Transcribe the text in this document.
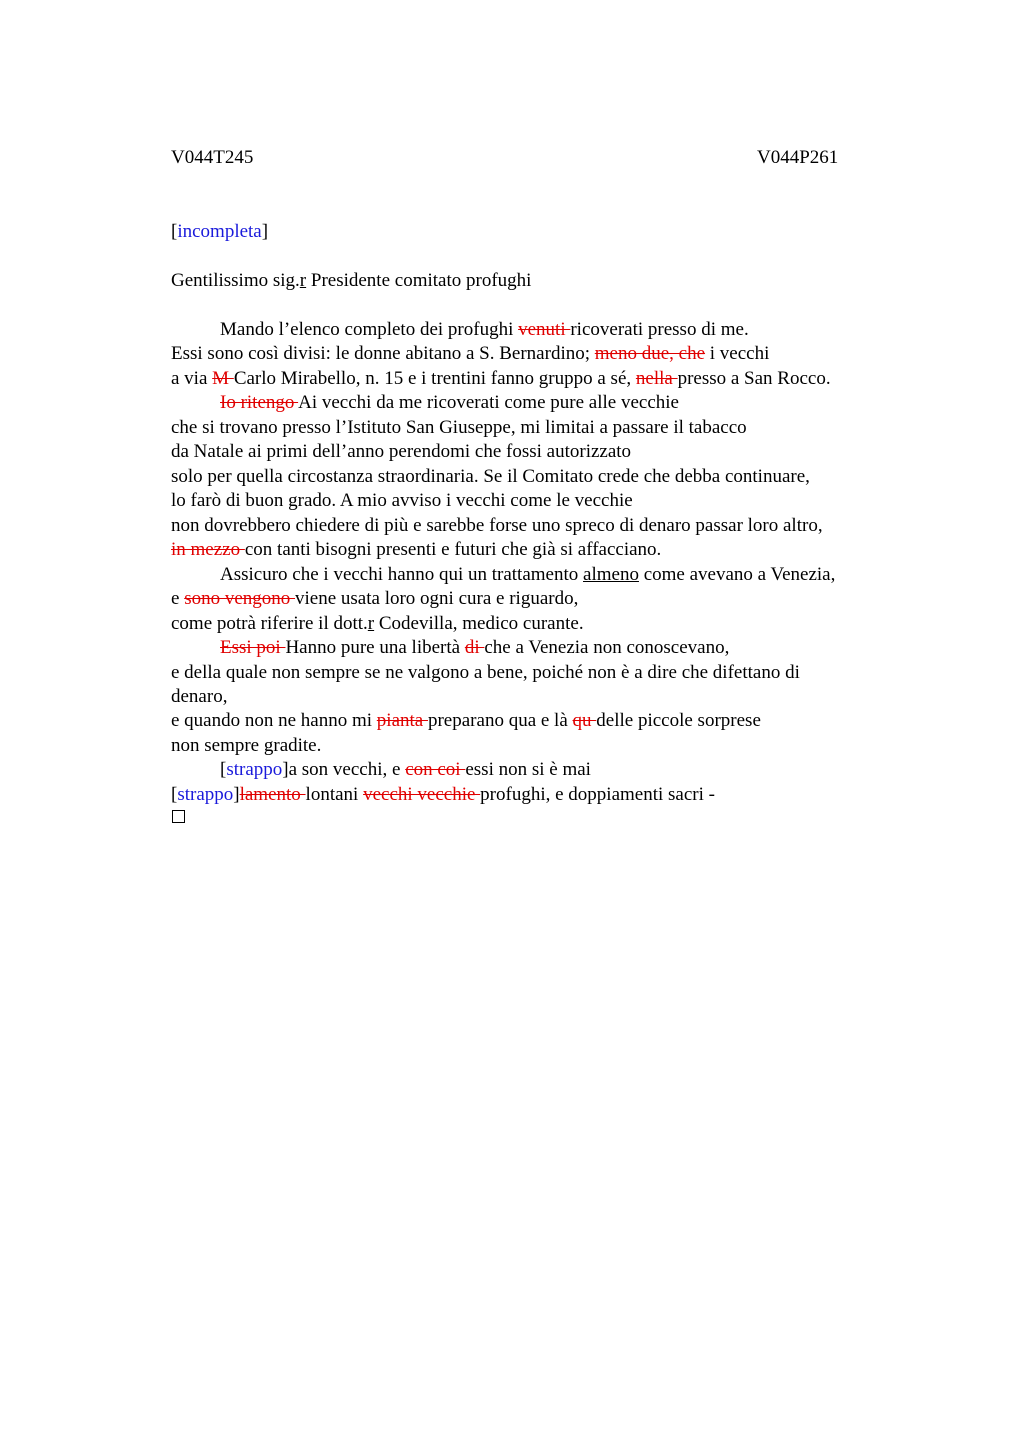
V044T245	V044P261
[incompleta]
Gentilissimo sig.r Presidente comitato profughi
Mando l’elenco completo dei profughi venuti ricoverati presso di me.
Essi sono così divisi: le donne abitano a S. Bernardino; meno due, che i vecchi
a via M Carlo Mirabello, n. 15 e i trentini fanno gruppo a sé, nella presso a San Rocco.
Io ritengo Ai vecchi da me ricoverati come pure alle vecchie
che si trovano presso l’Istituto San Giuseppe, mi limitai a passare il tabacco
da Natale ai primi dell’anno perendomi che fossi autorizzato
solo per quella circostanza straordinaria. Se il Comitato crede che debba continuare,
lo farò di buon grado. A mio avviso i vecchi come le vecchie
non dovrebbero chiedere di più e sarebbe forse uno spreco di denaro passar loro altro,
in mezzo con tanti bisogni presenti e futuri che già si affacciano.
Assicuro che i vecchi hanno qui un trattamento almeno come avevano a Venezia,
e sono vengono viene usata loro ogni cura e riguardo,
come potrà riferire il dott.r Codevilla, medico curante.
Essi poi Hanno pure una libertà di che a Venezia non conoscevano,
e della quale non sempre se ne valgono a bene, poiché non è a dire che difettano di
denaro,
e quando non ne hanno mi pianta preparano qua e là qu delle piccole sorprese
non sempre gradite.
[strappo]a son vecchi, e con coi essi non si è mai
[strappo]lamento lontani vecchi vecchie profughi, e doppiamenti sacri -
